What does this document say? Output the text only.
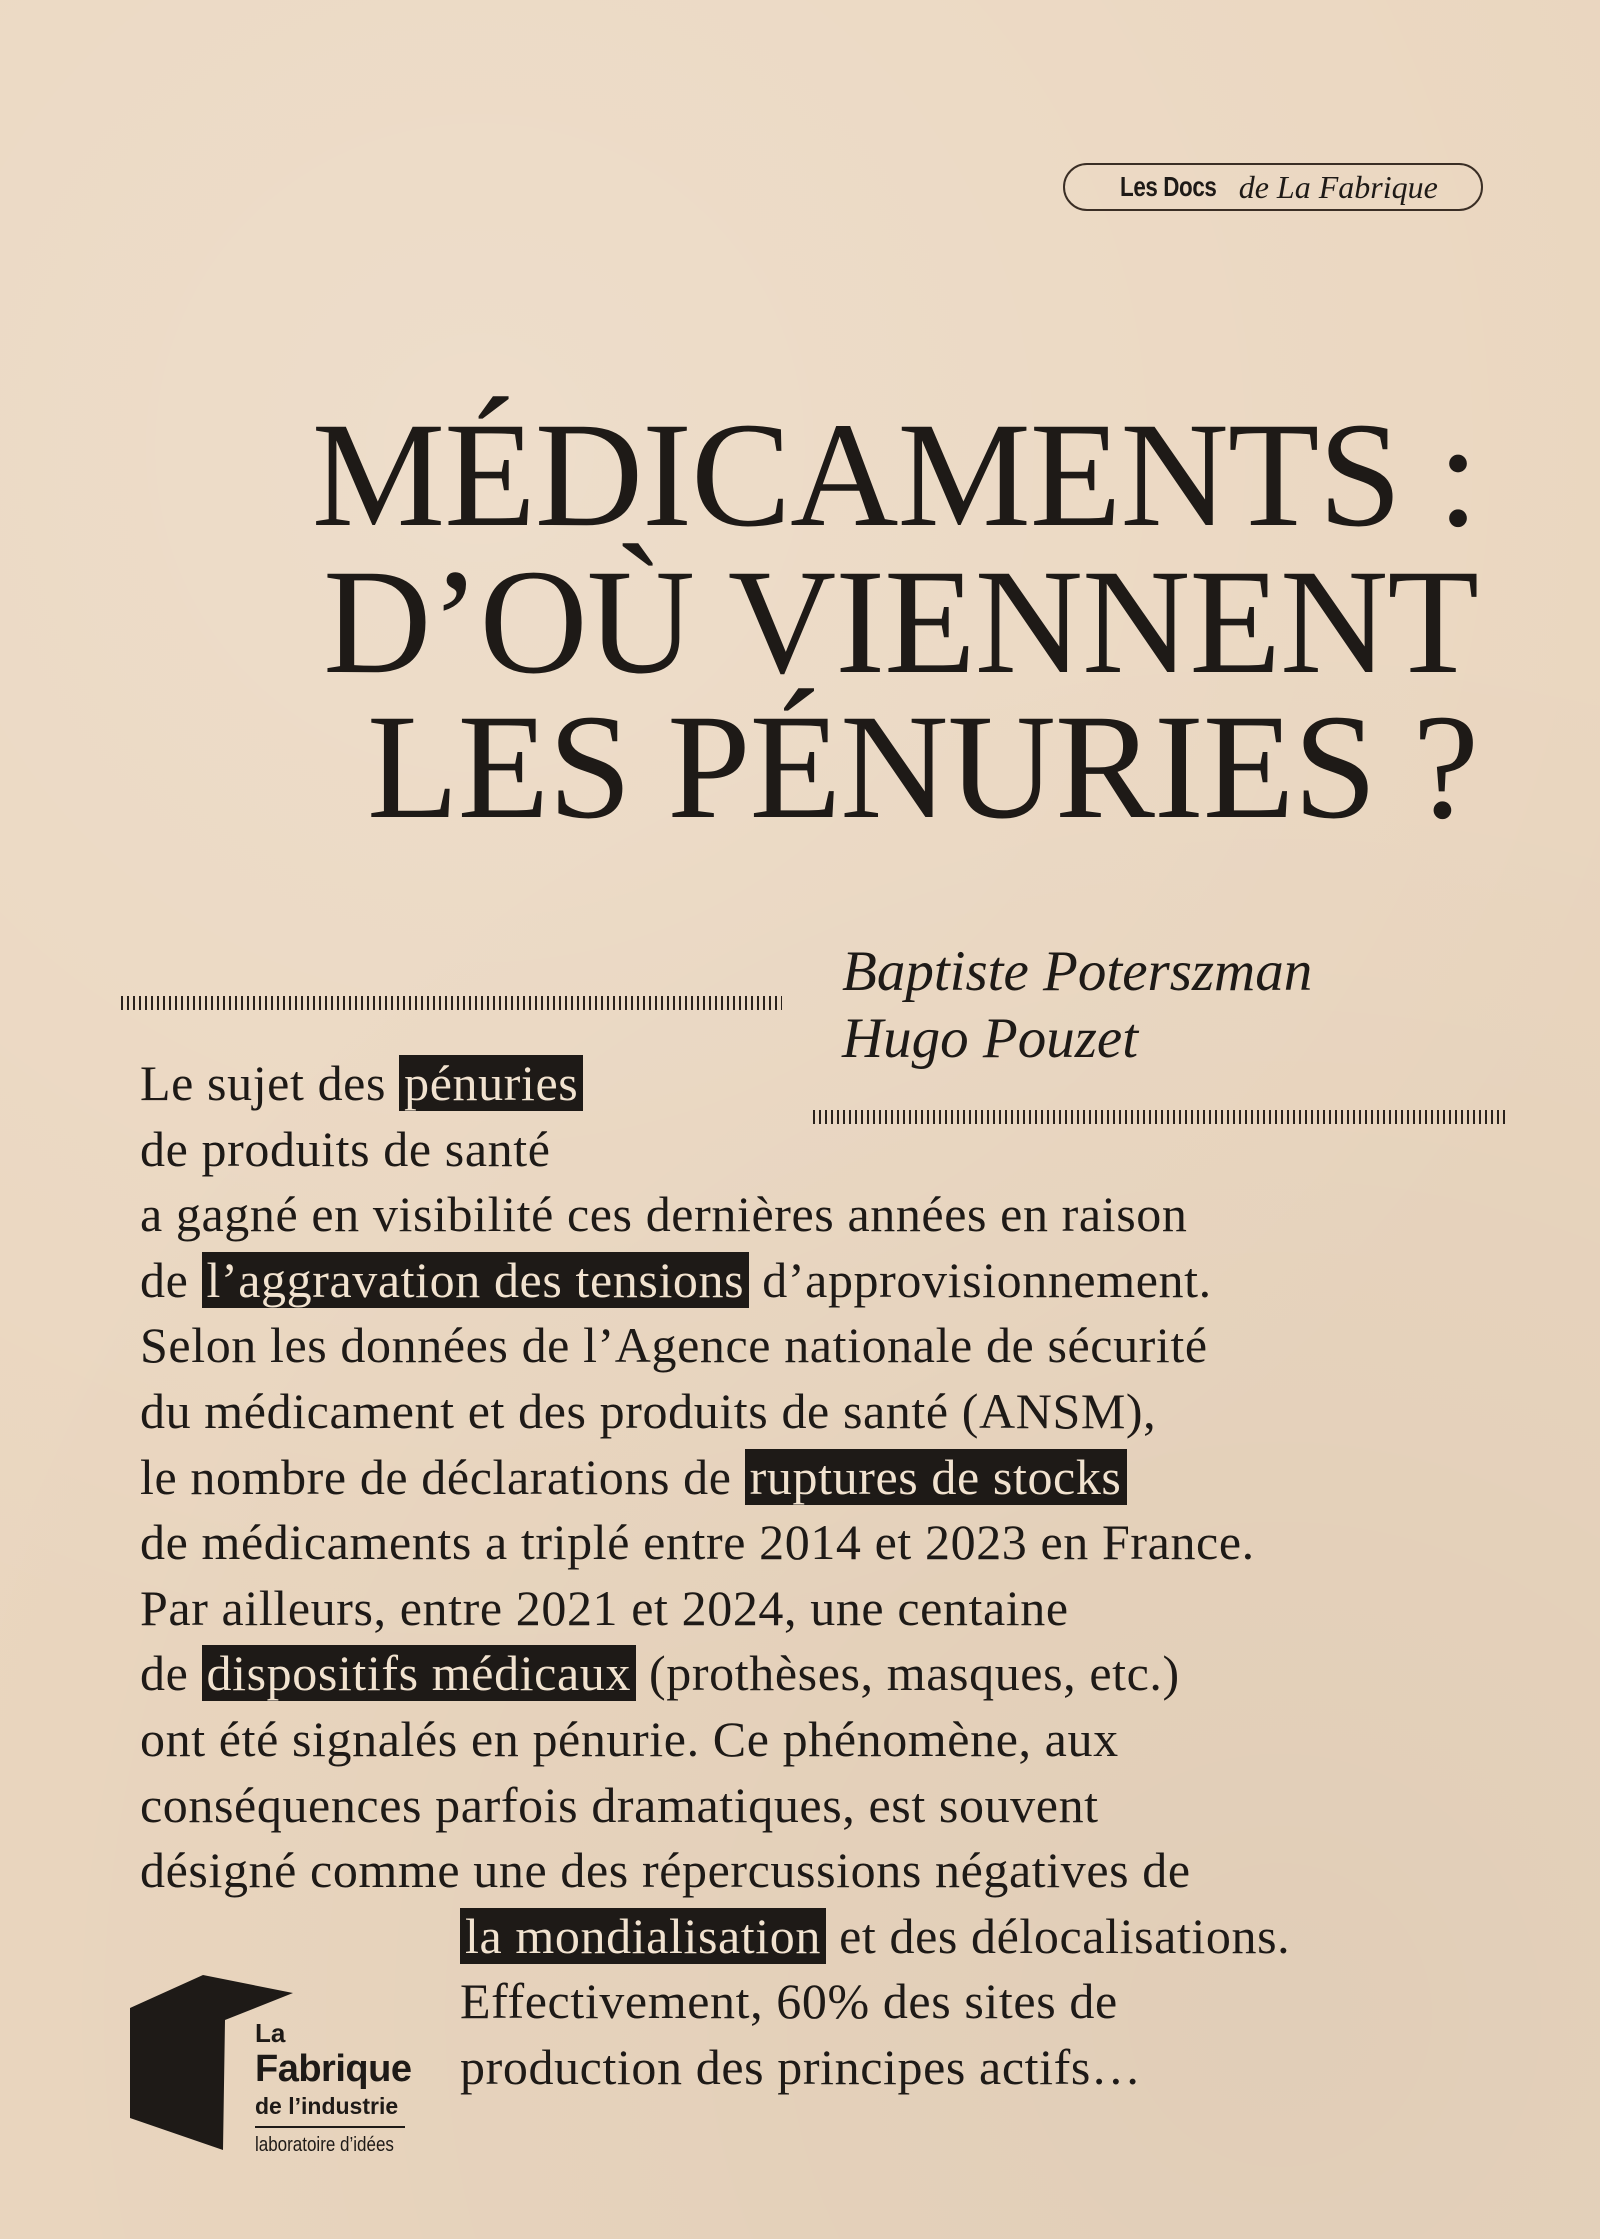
Les Docs de La Fabrique
MÉDICAMENTS :
D’OÙ VIENNENT
LES PÉNURIES ?
Baptiste Poterszman
Hugo Pouzet
Le sujet des pénuries
de produits de santé
a gagné en visibilité ces dernières années en raison
de l’aggravation des tensions d’approvisionnement.
Selon les données de l’Agence nationale de sécurité
du médicament et des produits de santé (ANSM),
le nombre de déclarations de ruptures de stocks
de médicaments a triplé entre 2014 et 2023 en France.
Par ailleurs, entre 2021 et 2024, une centaine
de dispositifs médicaux (prothèses, masques, etc.)
ont été signalés en pénurie. Ce phénomène, aux
conséquences parfois dramatiques, est souvent
désigné comme une des répercussions négatives de
la mondialisation et des délocalisations.
Effectivement, 60% des sites de
production des principes actifs…
La
Fabrique
de l’industrie
laboratoire d’idées
